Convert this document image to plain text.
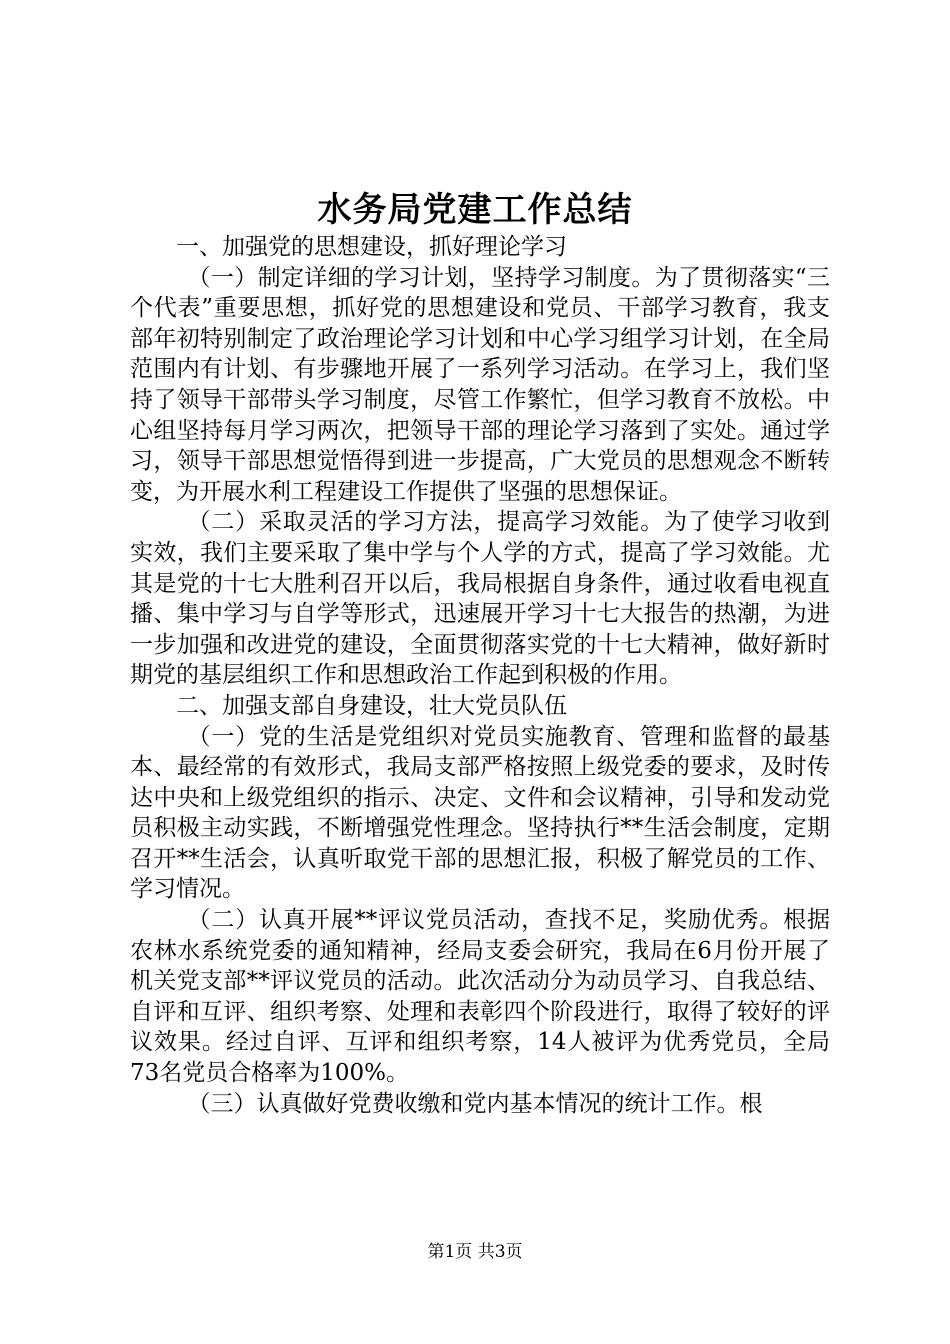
水务局党建工作总结

一、加强党的思想建设，抓好理论学习

（一）制定详细的学习计划，坚持学习制度。为了贯彻落实“三个代表”重要思想，抓好党的思想建设和党员、干部学习教育，我支部年初特别制定了政治理论学习计划和中心学习组学习计划，在全局范围内有计划、有步骤地开展了一系列学习活动。在学习上，我们坚持了领导干部带头学习制度，尽管工作繁忙，但学习教育不放松。中心组坚持每月学习两次，把领导干部的理论学习落到了实处。通过学习，领导干部思想觉悟得到进一步提高，广大党员的思想观念不断转变，为开展水利工程建设工作提供了坚强的思想保证。

（二）采取灵活的学习方法，提高学习效能。为了使学习收到实效，我们主要采取了集中学与个人学的方式，提高了学习效能。尤其是党的十七大胜利召开以后，我局根据自身条件，通过收看电视直播、集中学习与自学等形式，迅速展开学习十七大报告的热潮，为进一步加强和改进党的建设，全面贯彻落实党的十七大精神，做好新时期党的基层组织工作和思想政治工作起到积极的作用。

二、加强支部自身建设，壮大党员队伍

（一）党的生活是党组织对党员实施教育、管理和监督的最基本、最经常的有效形式，我局支部严格按照上级党委的要求，及时传达中央和上级党组织的指示、决定、文件和会议精神，引导和发动党员积极主动实践，不断增强党性理念。坚持执行**生活会制度，定期召开**生活会，认真听取党干部的思想汇报，积极了解党员的工作、学习情况。

（二）认真开展**评议党员活动，查找不足，奖励优秀。根据农林水系统党委的通知精神，经局支委会研究，我局在6月份开展了机关党支部**评议党员的活动。此次活动分为动员学习、自我总结、自评和互评、组织考察、处理和表彰四个阶段进行，取得了较好的评议效果。经过自评、互评和组织考察，14人被评为优秀党员，全局73名党员合格率为100%。

（三）认真做好党费收缴和党内基本情况的统计工作。根

第1页 共3页
